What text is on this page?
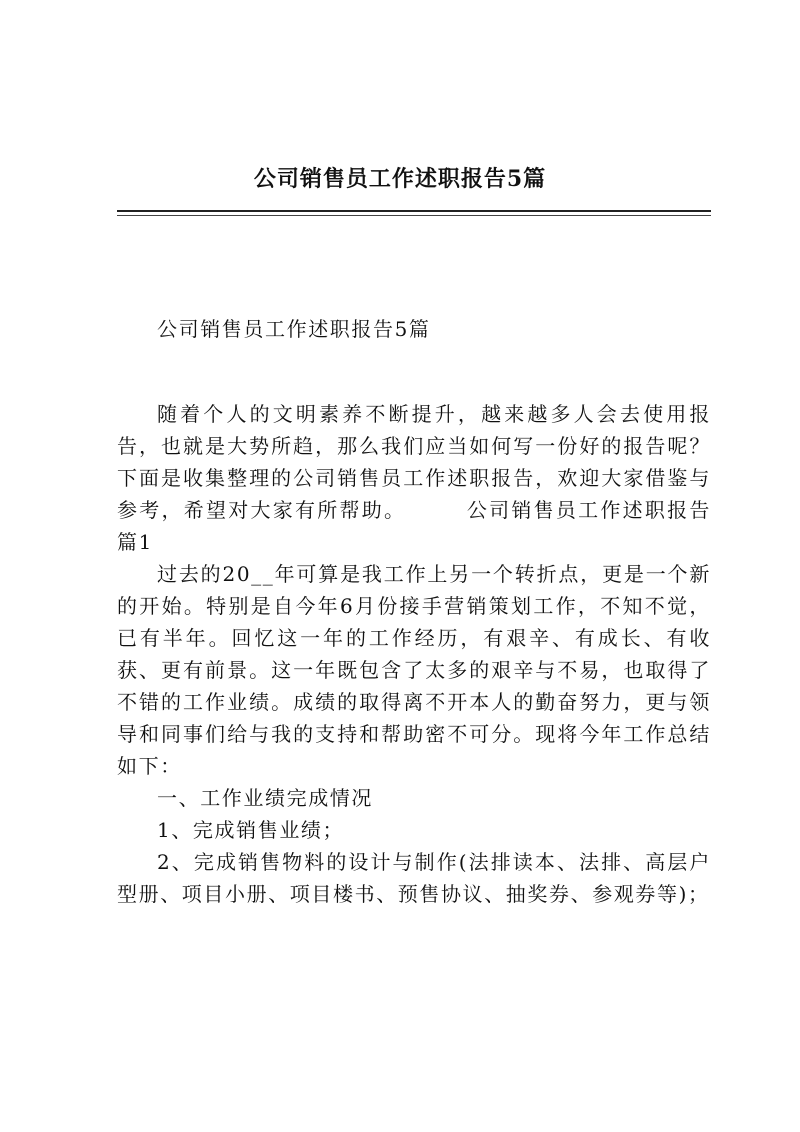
公司销售员工作述职报告5篇

公司销售员工作述职报告5篇

随着个人的文明素养不断提升，越来越多人会去使用报告，也就是大势所趋，那么我们应当如何写一份好的报告呢？下面是收集整理的公司销售员工作述职报告，欢迎大家借鉴与参考，希望对大家有所帮助。	公司销售员工作述职报告篇1

过去的20__年可算是我工作上另一个转折点，更是一个新的开始。特别是自今年6月份接手营销策划工作，不知不觉，已有半年。回忆这一年的工作经历，有艰辛、有成长、有收获、更有前景。这一年既包含了太多的艰辛与不易，也取得了不错的工作业绩。成绩的取得离不开本人的勤奋努力，更与领导和同事们给与我的支持和帮助密不可分。现将今年工作总结如下：

一、工作业绩完成情况

1、完成销售业绩；

2、完成销售物料的设计与制作(法排读本、法排、高层户型册、项目小册、项目楼书、预售协议、抽奖券、参观券等)；
